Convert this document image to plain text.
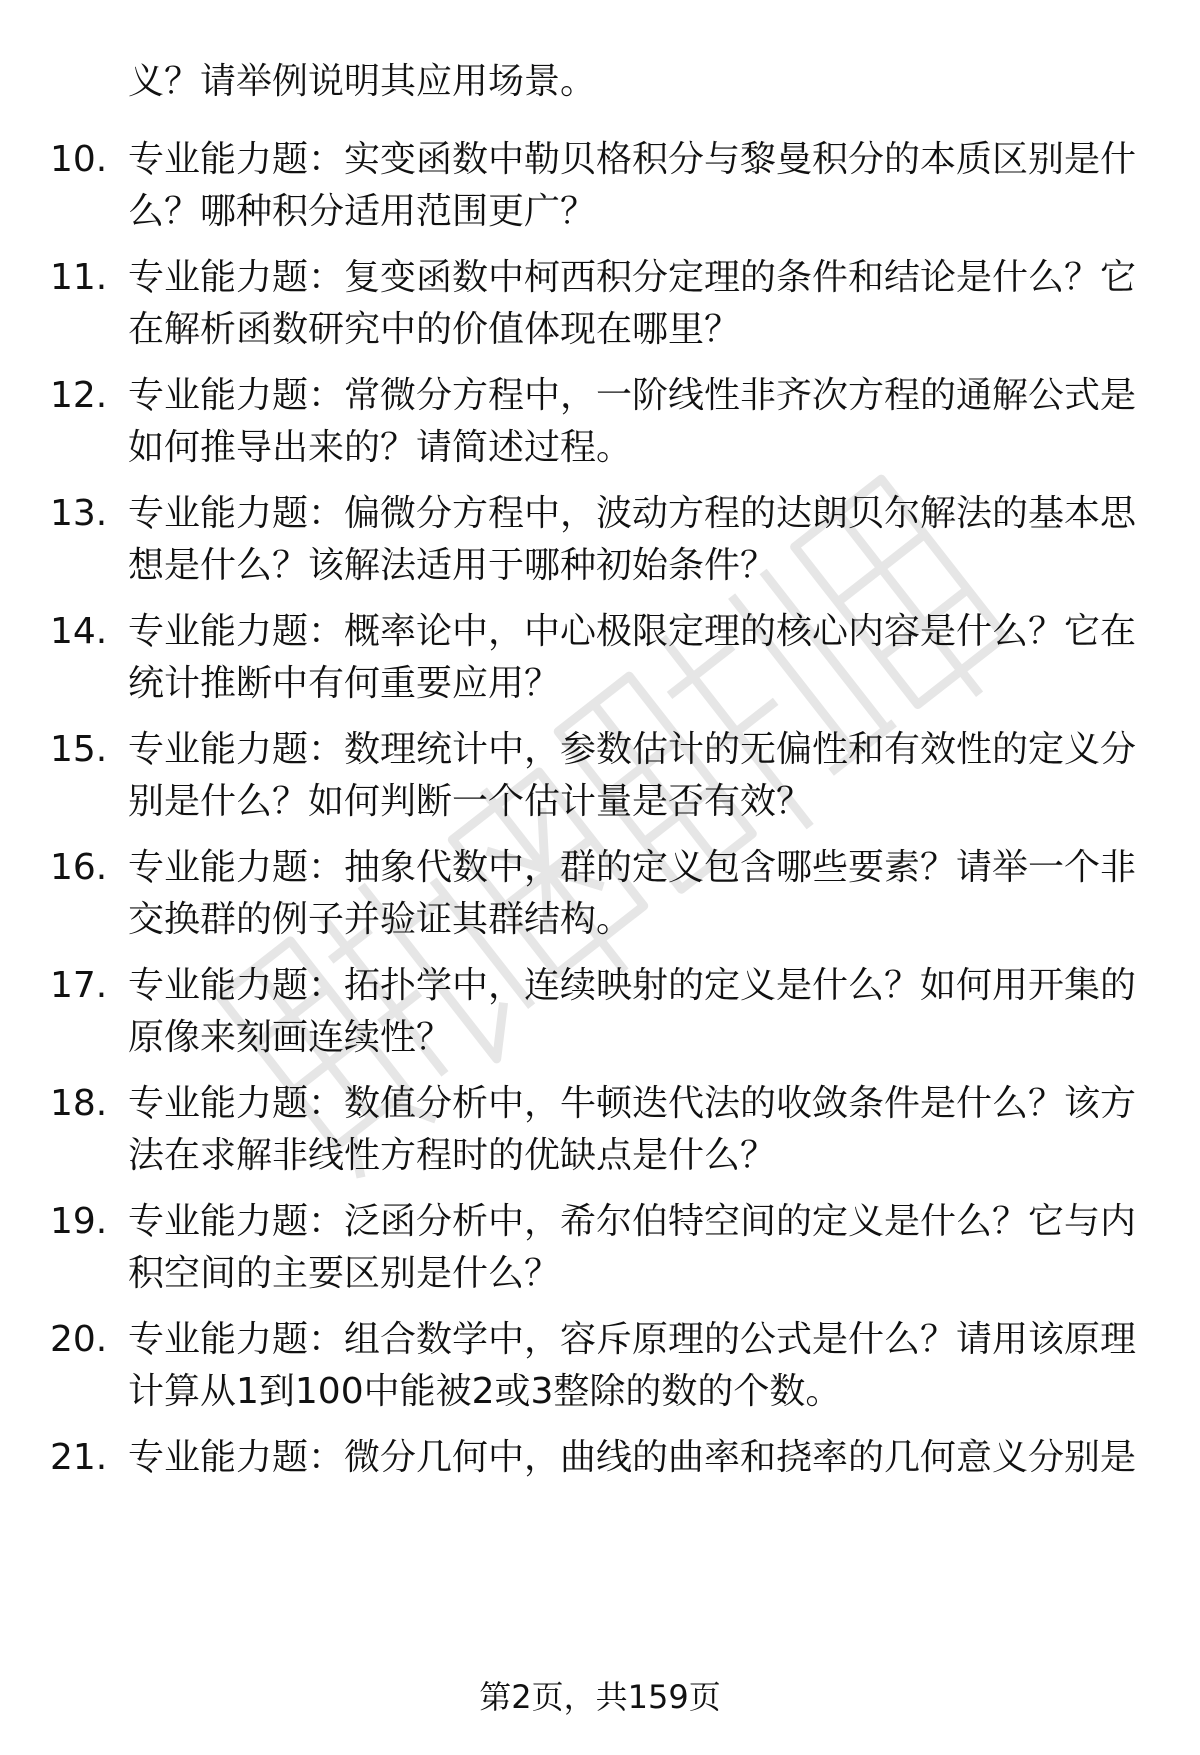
义？请举例说明其应用场景。
10. 专业能力题：实变函数中勒贝格积分与黎曼积分的本质区别是什
么？哪种积分适用范围更广？
11. 专业能力题：复变函数中柯西积分定理的条件和结论是什么？它
在解析函数研究中的价值体现在哪里？
12. 专业能力题：常微分方程中，一阶线性非齐次方程的通解公式是
如何推导出来的？请简述过程。
13. 专业能力题：偏微分方程中，波动方程的达朗贝尔解法的基本思
想是什么？该解法适用于哪种初始条件？
14. 专业能力题：概率论中，中心极限定理的核心内容是什么？它在
统计推断中有何重要应用？
15. 专业能力题：数理统计中，参数估计的无偏性和有效性的定义分
别是什么？如何判断一个估计量是否有效？
16. 专业能力题：抽象代数中，群的定义包含哪些要素？请举一个非
交换群的例子并验证其群结构。
17. 专业能力题：拓扑学中，连续映射的定义是什么？如何用开集的
原像来刻画连续性？
18. 专业能力题：数值分析中，牛顿迭代法的收敛条件是什么？该方
法在求解非线性方程时的优缺点是什么？
19. 专业能力题：泛函分析中，希尔伯特空间的定义是什么？它与内
积空间的主要区别是什么？
20. 专业能力题：组合数学中，容斥原理的公式是什么？请用该原理
计算从1到100中能被2或3整除的数的个数。
21. 专业能力题：微分几何中，曲线的曲率和挠率的几何意义分别是
第2页，共159页
